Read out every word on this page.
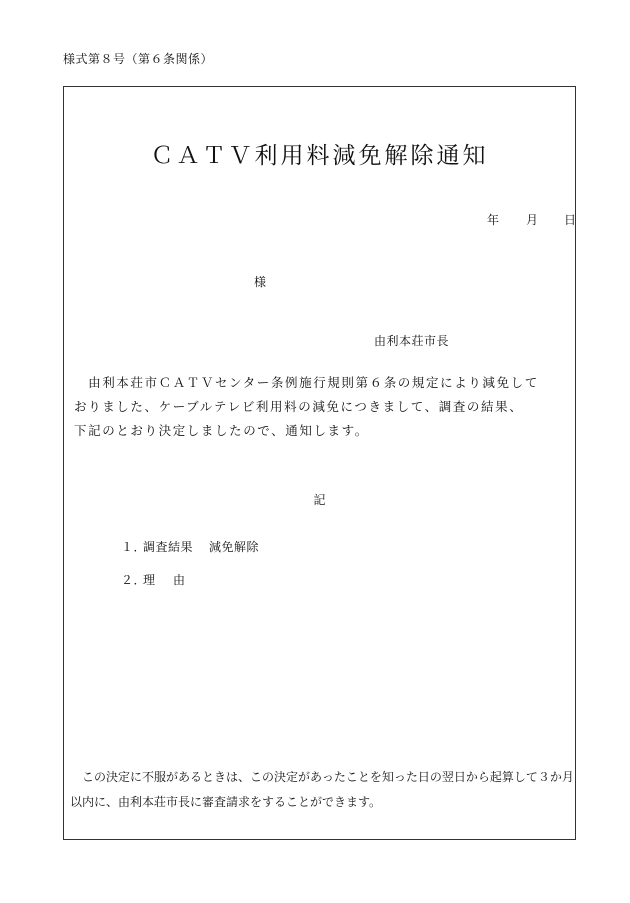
様式第８号（第６条関係）
ＣＡＴＶ利用料減免解除通知
年 月 日
様
由利本荘市長
　由利本荘市ＣＡＴＶセンター条例施行規則第６条の規定により減免して
おりました、ケーブルテレビ利用料の減免につきまして、調査の結果、
下記のとおり決定しましたので、通知します。
記
１．調査結果 減免解除
２．理由
　この決定に不服があるときは、この決定があったことを知った日の翌日から起算して３か月
以内に、由利本荘市長に審査請求をすることができます。
